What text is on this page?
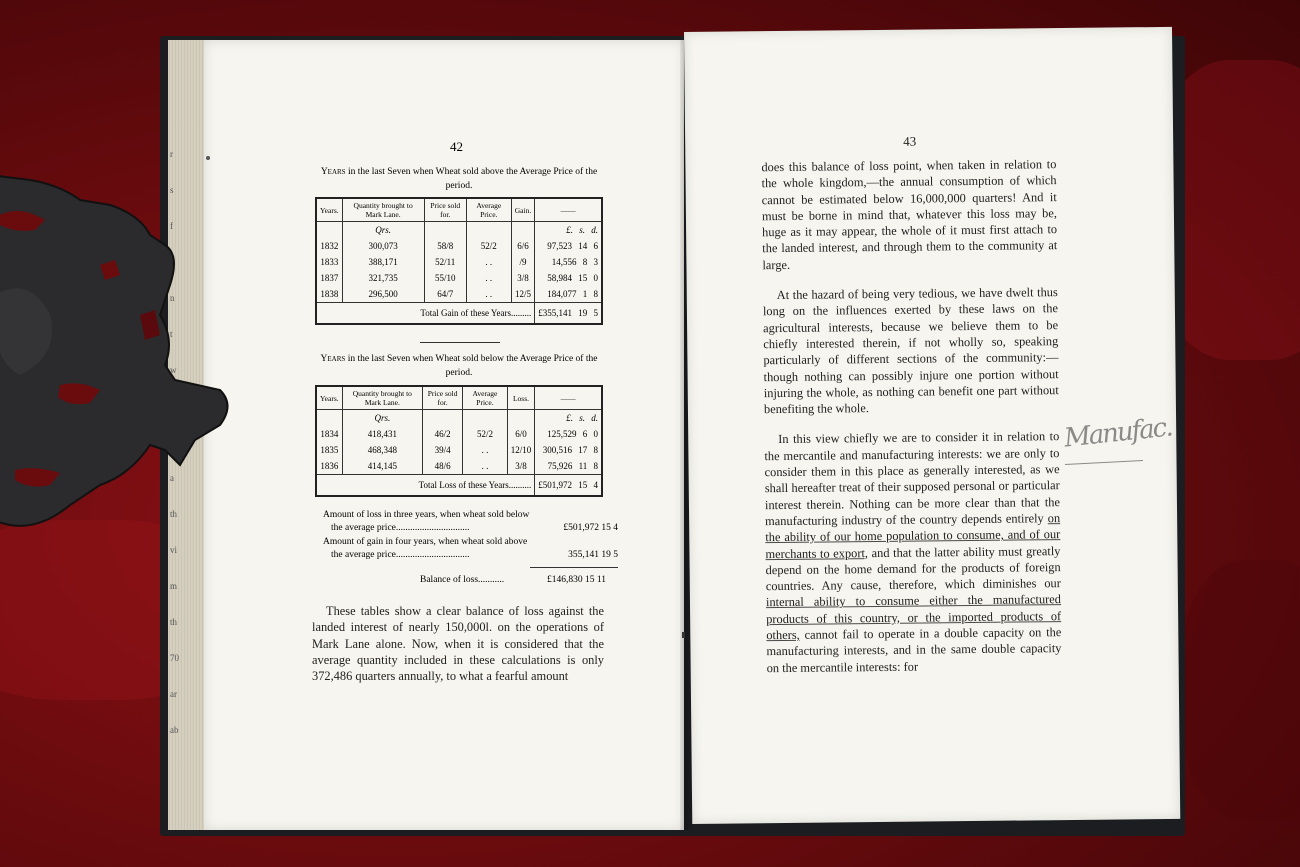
r
s
f
n
t
w
a
th
vi
m
th
70
ar
ab
42
Years in the last Seven when Wheat sold above the Average Price of the period.
Years.	Quantity brought to Mark Lane.	Price sold for.	Average Price.	Gain.	——
	Qrs.				£. s. d.
1832	300,073	58/8	52/2	6/6	97,523 14 6
1833	388,171	52/11	. .	/9	14,556 8 3
1837	321,735	55/10	. .	3/8	58,984 15 0
1838	296,500	64/7	. .	12/5	184,077 1 8
Total Gain of these Years.........					£355,141 19 5
Years in the last Seven when Wheat sold below the Average Price of the period.
Years.	Quantity brought to Mark Lane.	Price sold for.	Average Price.	Loss.	——
	Qrs.				£. s. d.
1834	418,431	46/2	52/2	6/0	125,529 6 0
1835	468,348	39/4	. .	12/10	300,516 17 8
1836	414,145	48/6	. .	3/8	75,926 11 8
Total Loss of these Years..........					£501,972 15 4
Amount of loss in three years, when wheat sold below
the average price...............................	£501,972 15 4
Amount of gain in four years, when wheat sold above
the average price...............................	355,141 19 5
Balance of loss...........	£146,830 15 11

These tables show a clear balance of loss against the landed interest of nearly 150,000l. on the operations of Mark Lane alone. Now, when it is considered that the average quantity included in these calculations is only 372,486 quarters annually, to what a fearful amount

43

does this balance of loss point, when taken in relation to the whole kingdom,—the annual consumption of which cannot be estimated below 16,000,000 quarters! And it must be borne in mind that, whatever this loss may be, huge as it may appear, the whole of it must first attach to the landed interest, and through them to the community at large.

At the hazard of being very tedious, we have dwelt thus long on the influences exerted by these laws on the agricultural interests, because we believe them to be chiefly interested therein, if not wholly so, speaking particularly of different sections of the community:—though nothing can possibly injure one portion without injuring the whole, as nothing can benefit one part without benefiting the whole.

In this view chiefly we are to consider it in relation to the mercantile and manufacturing interests: we are only to consider them in this place as generally interested, as we shall hereafter treat of their supposed personal or particular interest therein. Nothing can be more clear than that the manufacturing industry of the country depends entirely on the ability of our home population to consume, and of our merchants to export, and that the latter ability must greatly depend on the home demand for the products of foreign countries. Any cause, therefore, which diminishes our internal ability to consume either the manufactured products of this country, or the imported products of others, cannot fail to operate in a double capacity on the manufacturing interests, and in the same double capacity on the mercantile interests: for

Manufac.
